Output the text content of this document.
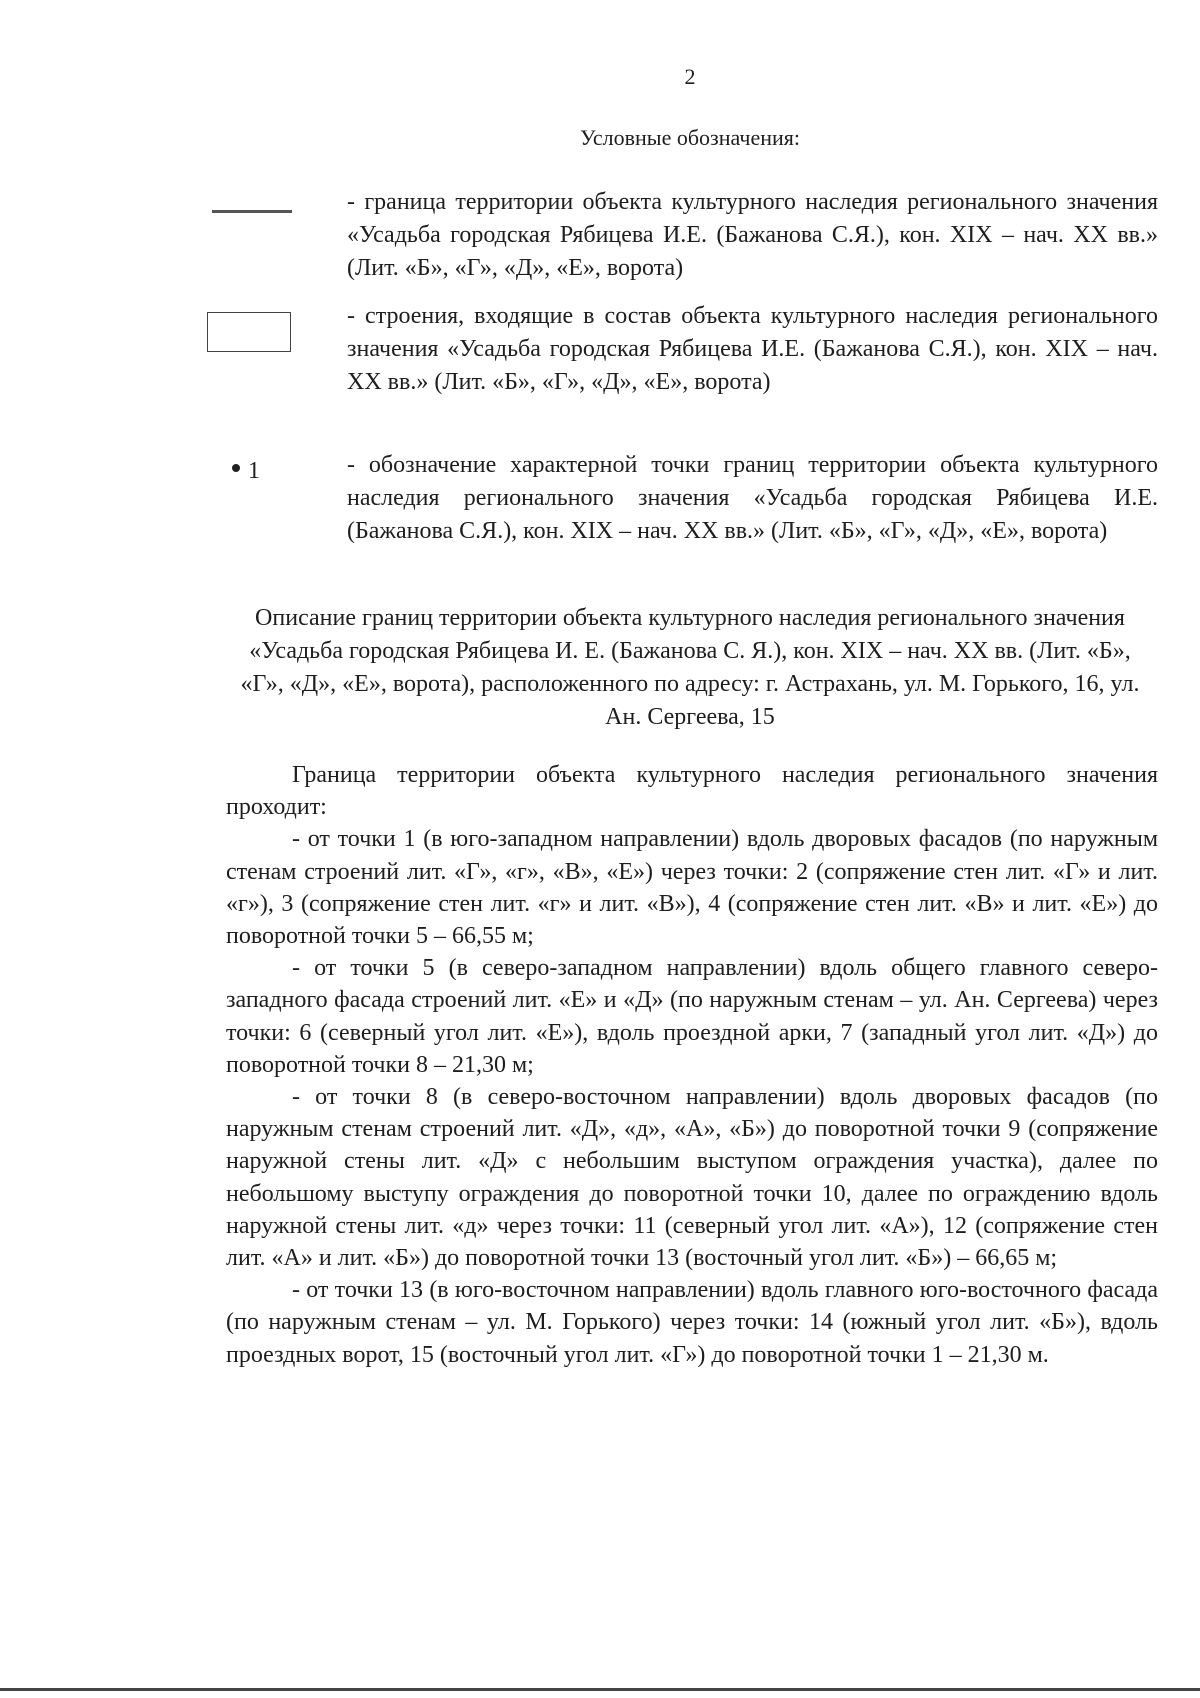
2
Условные обозначения:
- граница территории объекта культурного наследия регионального значения «Усадьба городская Рябицева И.Е. (Бажанова С.Я.), кон. XIX – нач. XX вв.» (Лит. «Б», «Г», «Д», «Е», ворота)
- строения, входящие в состав объекта культурного наследия регионального значения «Усадьба городская Рябицева И.Е. (Бажанова С.Я.), кон. XIX – нач. XX вв.» (Лит. «Б», «Г», «Д», «Е», ворота)
1	- обозначение характерной точки границ территории объекта культурного наследия регионального значения «Усадьба городская Рябицева И.Е. (Бажанова С.Я.), кон. XIX – нач. XX вв.» (Лит. «Б», «Г», «Д», «Е», ворота)
Описание границ территории объекта культурного наследия регионального значения «Усадьба городская Рябицева И. Е. (Бажанова С. Я.), кон. XIX – нач. XX вв. (Лит. «Б», «Г», «Д», «Е», ворота), расположенного по адресу: г. Астрахань, ул. М. Горького, 16, ул. Ан. Сергеева, 15

Граница территории объекта культурного наследия регионального значения проходит:

- от точки 1 (в юго-западном направлении) вдоль дворовых фасадов (по наружным стенам строений лит. «Г», «г», «В», «Е») через точки: 2 (сопряжение стен лит. «Г» и лит. «г»), 3 (сопряжение стен лит. «г» и лит. «В»), 4 (сопряжение стен лит. «В» и лит. «Е») до поворотной точки 5 – 66,55 м;

- от точки 5 (в северо-западном направлении) вдоль общего главного северо-западного фасада строений лит. «Е» и «Д» (по наружным стенам – ул. Ан. Сергеева) через точки: 6 (северный угол лит. «Е»), вдоль проездной арки, 7 (западный угол лит. «Д») до поворотной точки 8 – 21,30 м;

- от точки 8 (в северо-восточном направлении) вдоль дворовых фасадов (по наружным стенам строений лит. «Д», «д», «А», «Б») до поворотной точки 9 (сопряжение наружной стены лит. «Д» с небольшим выступом ограждения участка), далее по небольшому выступу ограждения до поворотной точки 10, далее по ограждению вдоль наружной стены лит. «д» через точки: 11 (северный угол лит. «А»), 12 (сопряжение стен лит. «А» и лит. «Б») до поворотной точки 13 (восточный угол лит. «Б») – 66,65 м;

- от точки 13 (в юго-восточном направлении) вдоль главного юго-восточного фасада (по наружным стенам – ул. М. Горького) через точки: 14 (южный угол лит. «Б»), вдоль проездных ворот, 15 (восточный угол лит. «Г») до поворотной точки 1 – 21,30 м.
